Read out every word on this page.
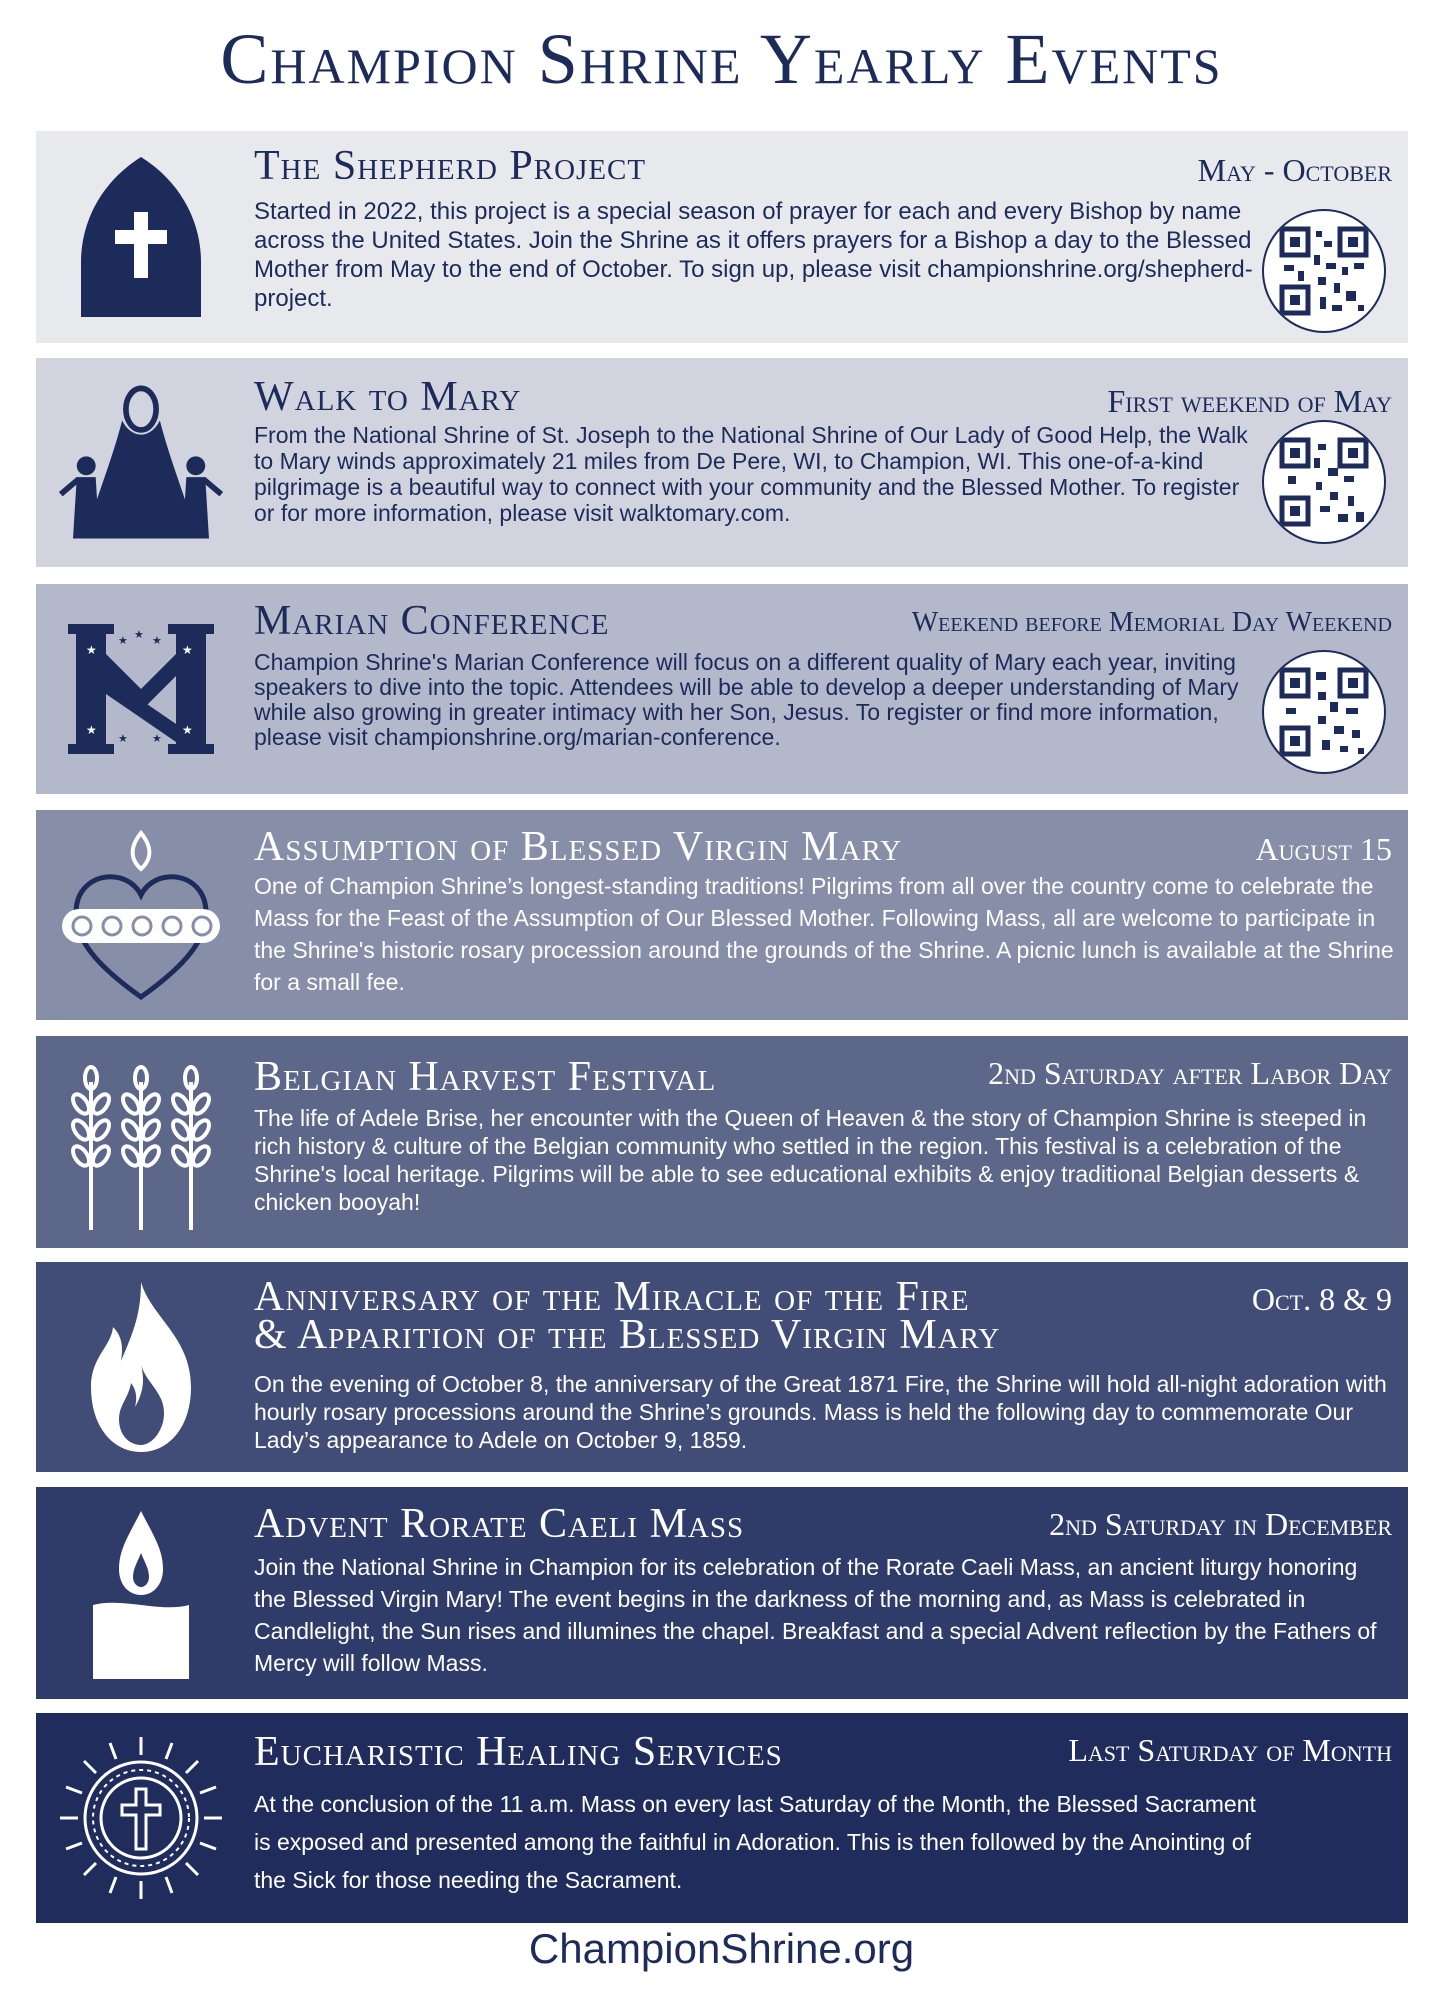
Champion Shrine Yearly Events
The Shepherd Project	May - October
Started in 2022, this project is a special season of prayer for each and every Bishop by name across the United States. Join the Shrine as it offers prayers for a Bishop a day to the Blessed Mother from May to the end of October. To sign up, please visit championshrine.org/shepherd-project.
Walk to Mary	First weekend of May
From the National Shrine of St. Joseph to the National Shrine of Our Lady of Good Help, the Walk to Mary winds approximately 21 miles from De Pere, WI, to Champion, WI. This one-of-a-kind pilgrimage is a beautiful way to connect with your community and the Blessed Mother. To register or for more information, please visit walktomary.com.
★	★
★	★
★ ★ ★
★ ★
Marian Conference	Weekend before Memorial Day Weekend
Champion Shrine's Marian Conference will focus on a different quality of Mary each year, inviting speakers to dive into the topic. Attendees will be able to develop a deeper understanding of Mary while also growing in greater intimacy with her Son, Jesus. To register or find more information, please visit championshrine.org/marian-conference.
Assumption of Blessed Virgin Mary	August 15
One of Champion Shrine’s longest-standing traditions! Pilgrims from all over the country come to celebrate the Mass for the Feast of the Assumption of Our Blessed Mother. Following Mass, all are welcome to participate in the Shrine's historic rosary procession around the grounds of the Shrine. A picnic lunch is available at the Shrine for a small fee.
Belgian Harvest Festival	2nd Saturday after Labor Day
The life of Adele Brise, her encounter with the Queen of Heaven & the story of Champion Shrine is steeped in rich history & culture of the Belgian community who settled in the region. This festival is a celebration of the Shrine's local heritage. Pilgrims will be able to see educational exhibits & enjoy traditional Belgian desserts & chicken booyah!
Anniversary of the Miracle of the Fire
& Apparition of the Blessed Virgin Mary
Oct. 8 & 9
On the evening of October 8, the anniversary of the Great 1871 Fire, the Shrine will hold all-night adoration with hourly rosary processions around the Shrine’s grounds. Mass is held the following day to commemorate Our Lady’s appearance to Adele on October 9, 1859.
Advent Rorate Caeli Mass	2nd Saturday in December
Join the National Shrine in Champion for its celebration of the Rorate Caeli Mass, an ancient liturgy honoring the Blessed Virgin Mary! The event begins in the darkness of the morning and, as Mass is celebrated in Candlelight, the Sun rises and illumines the chapel. Breakfast and a special Advent reflection by the Fathers of Mercy will follow Mass.
Eucharistic Healing Services	Last Saturday of Month
At the conclusion of the 11 a.m. Mass on every last Saturday of the Month, the Blessed Sacrament is exposed and presented among the faithful in Adoration. This is then followed by the Anointing of the Sick for those needing the Sacrament.
ChampionShrine.org
